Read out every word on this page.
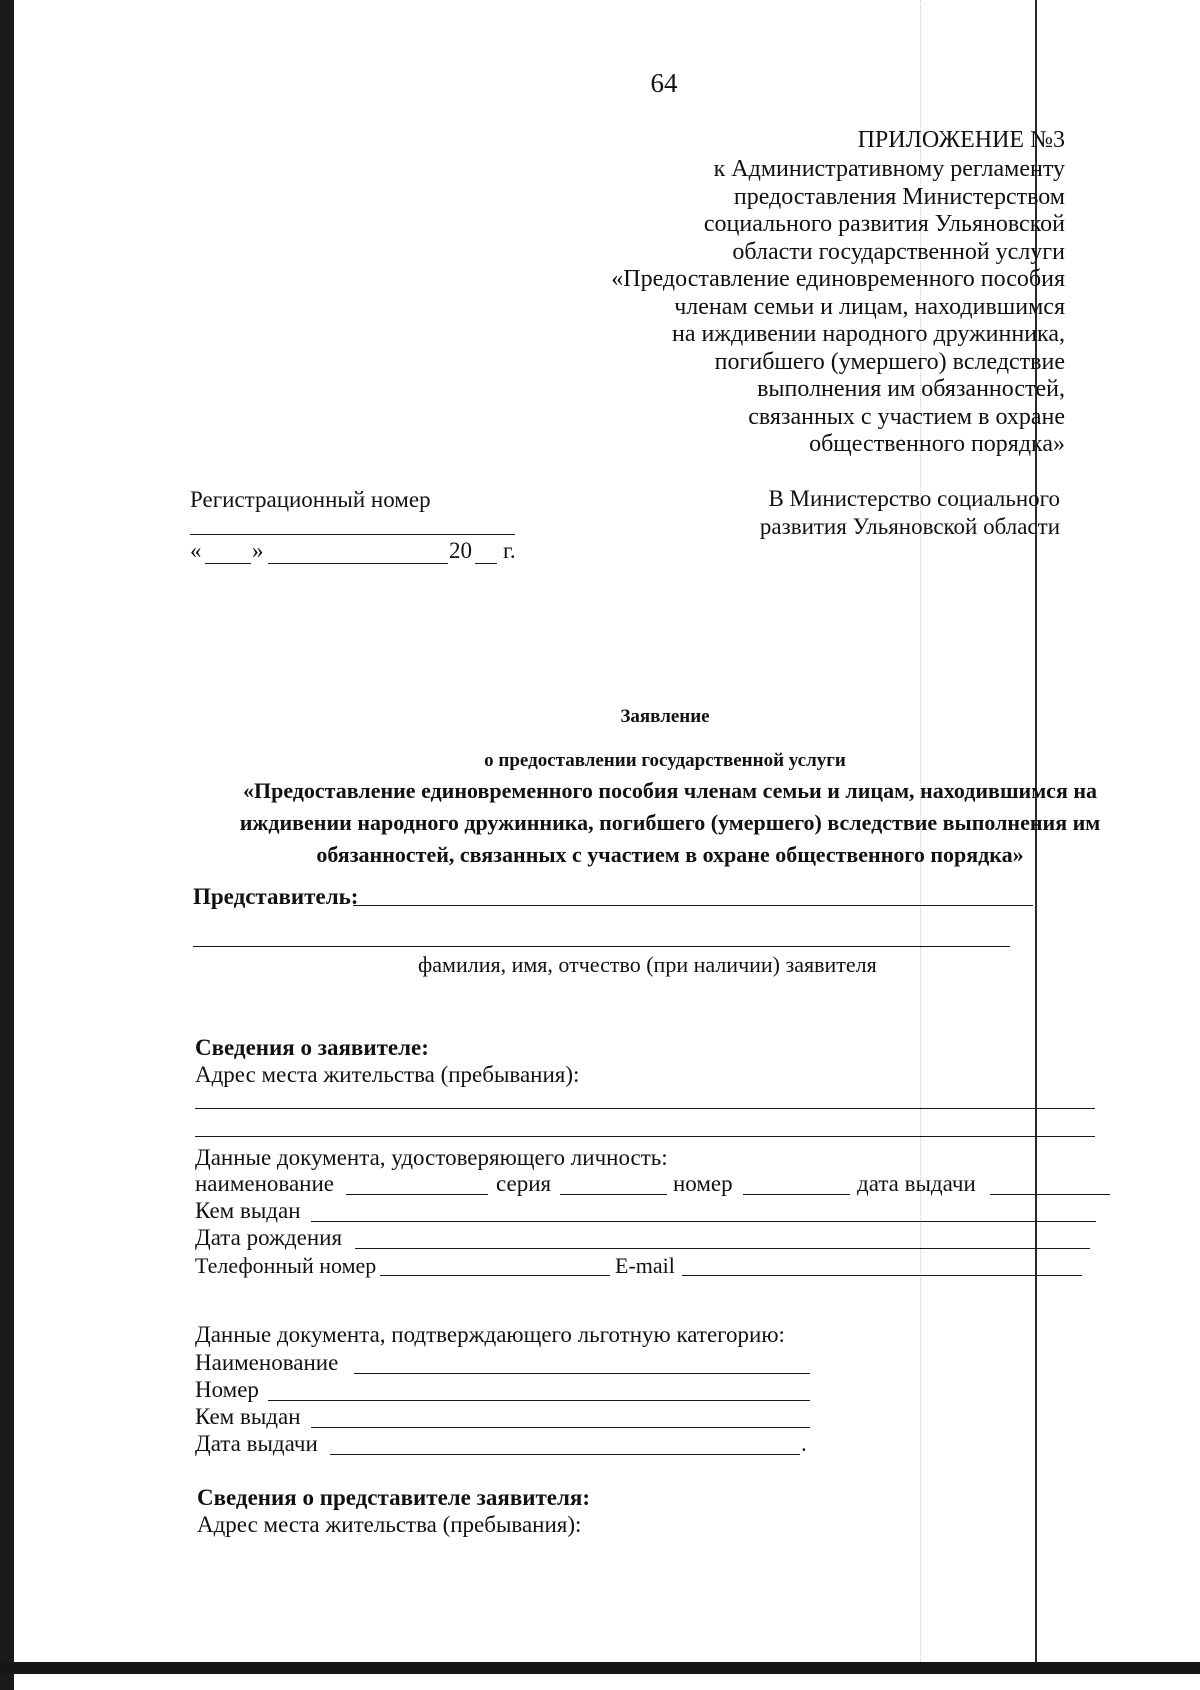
64
ПРИЛОЖЕНИЕ №3
к Административному регламенту
предоставления Министерством
социального развития Ульяновской
области государственной услуги
«Предоставление единовременного пособия
членам семьи и лицам, находившимся
на иждивении народного дружинника,
погибшего (умершего) вследствие
выполнения им обязанностей,
связанных с участием в охране
общественного порядка»
Регистрационный номер
« »	20 г.
В Министерство социального
развития Ульяновской области
Заявление
о предоставлении государственной услуги
«Предоставление единовременного пособия членам семьи и лицам, находившимся на иждивении народного дружинника, погибшего (умершего) вследствие выполнения им обязанностей, связанных с участием в охране общественного порядка»
Представитель:
фамилия, имя, отчество (при наличии) заявителя
Сведения о заявителе:
Адрес места жительства (пребывания):
Данные документа, удостоверяющего личность:
наименование	серия	номер	дата выдачи
Кем выдан
Дата рождения
Телефонный номер	E-mail
Данные документа, подтверждающего льготную категорию:
Наименование
Номер
Кем выдан
Дата выдачи	.
Сведения о представителе заявителя:
Адрес места жительства (пребывания):
